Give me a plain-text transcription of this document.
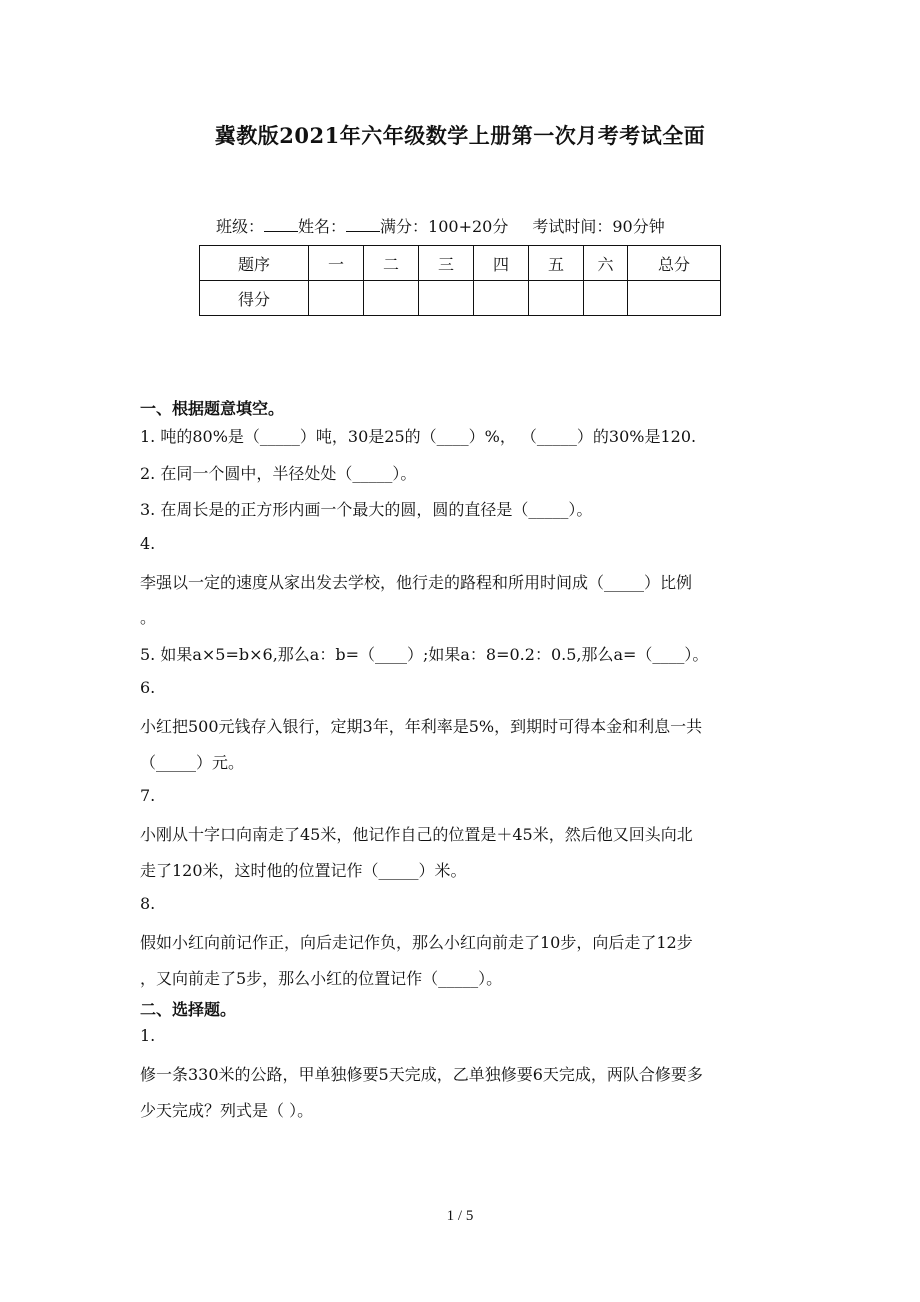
冀教版2021年六年级数学上册第一次月考考试全面
班级： 姓名： 满分：100+20分 考试时间：90分钟
题序	一	二	三	四	五	六	总分
得分							
一、根据题意填空。
1. 吨的80%是（_____）吨，30是25的（____）%， （_____）的30%是120.
2. 在同一个圆中，半径处处（_____）。
3. 在周长是的正方形内画一个最大的圆，圆的直径是（_____）。
4.
李强以一定的速度从家出发去学校，他行走的路程和所用时间成（_____）比例
。
5. 如果a×5=b×6,那么a：b=（____）;如果a：8=0.2：0.5,那么a=（____）。
6.
小红把500元钱存入银行，定期3年，年利率是5%，到期时可得本金和利息一共
（_____）元。
7.
小刚从十字口向南走了45米，他记作自己的位置是＋45米，然后他又回头向北
走了120米，这时他的位置记作（_____）米。
8.
假如小红向前记作正，向后走记作负，那么小红向前走了10步，向后走了12步
，又向前走了5步，那么小红的位置记作（_____）。
二、选择题。
1.
修一条330米的公路，甲单独修要5天完成，乙单独修要6天完成，两队合修要多
少天完成？列式是（ ）。
1 / 5
